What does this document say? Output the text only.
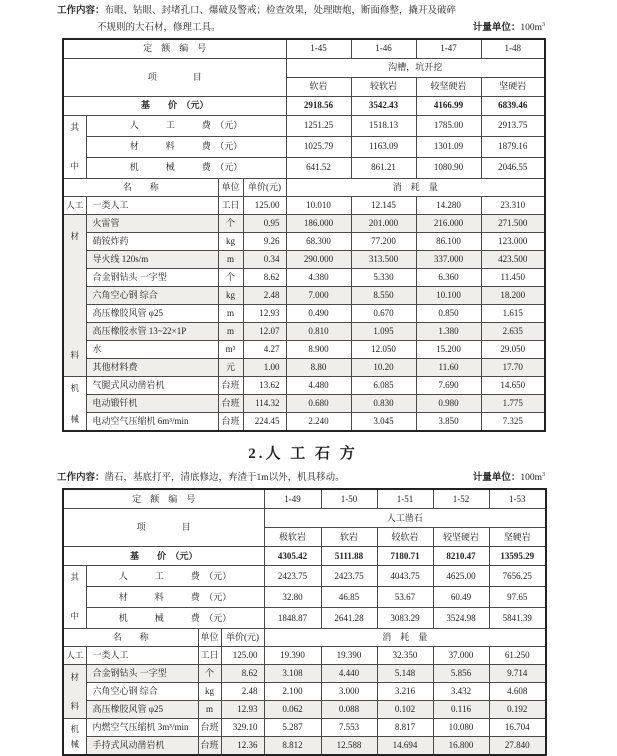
工作内容： 布眼、钻眼、封堵孔口、爆破及警戒；检查效果，处理瞎炮，断面修整，撬开及破碎
不规则的大石材，修理工具。	计量单位：$100m^3$
定　额　编　号				1-45	1-46	1-47	1-48
项　　　　目				沟槽，坑开挖			
				软岩	较软岩	较坚硬岩	坚硬岩
基　　价　（元）				2918.56	3542.43	4166.99	6839.46

其
中	人　　　工　　　费　（元）			1251.25	1518.13	1785.00	2913.75
	材　　　料　　　费　（元）			1025.79	1163.09	1301.09	1879.16
	机　　　械　　　费　（元）			641.52	861.21	1080.90	2046.55
名　　称		单位	单价(元)	消　耗　量			
人工	一类人工	工日	125.00	10.010	12.145	14.280	23.310

材
料	火雷管	个	0.95	186.000	201.000	216.000	271.500
	硝铵炸药	kg	9.26	68.300	77.200	86.100	123.000
	导火线 120s/m	m	0.34	290.000	313.500	337.000	423.500
	合金钢钻头 一字型	个	8.62	4.380	5.330	6.360	11.450
	六角空心钢 综合	kg	2.48	7.000	8.550	10.100	18.200
	高压橡胶风管 φ25	m	12.93	0.490	0.670	0.850	1.615
	高压橡胶水管 13~22×1P	m	12.07	0.810	1.095	1.380	2.635
	水	m³	4.27	8.900	12.050	15.200	29.050
	其他材料费	元	1.00	8.80	10.20	11.60	17.70

机
械	气腿式风动凿岩机	台班	13.62	4.480	6.085	7.690	14.650
	电动锻钎机	台班	114.32	0.680	0.830	0.980	1.775
	电动空气压缩机 6m³/min	台班	224.45	2.240	3.045	3.850	7.325
2.人 工 石 方
工作内容： 凿石，基底打平，清底修边，弃渣于1m以外，机具移动。	计量单位：$100m^3$
定　额　编　号				1-49	1-50	1-51	1-52	1-53
项　　　　目				人工凿石				
				极软岩	软岩	较软岩	较坚硬岩	坚硬岩
基　　价　（元）				4305.42	5111.88	7180.71	8210.47	13595.29

其
中	人　　　工　　　费　（元）			2423.75	2423.75	4043.75	4625.00	7656.25
	材　　　料　　　费　（元）			32.80	46.85	53.67	60.49	97.65
	机　　　械　　　费　（元）			1848.87	2641.28	3083.29	3524.98	5841.39
名　　称		单位	单价(元)	消　耗　量				
人工	一类人工	工日	125.00	19.390	19.390	32.350	37.000	61.250

材
料	合金钢钻头 一字型	个	8.62	3.108	4.440	5.148	5.856	9.714
	六角空心钢 综合	kg	2.48	2.100	3.000	3.216	3.432	4.608
	高压橡胶风管 φ25	m	12.93	0.062	0.088	0.102	0.116	0.192

机
械	内燃空气压缩机 3m³/min	台班	329.10	5.287	7.553	8.817	10.080	16.704
	手持式风动凿岩机	台班	12.36	8.812	12.588	14.694	16.800	27.840
